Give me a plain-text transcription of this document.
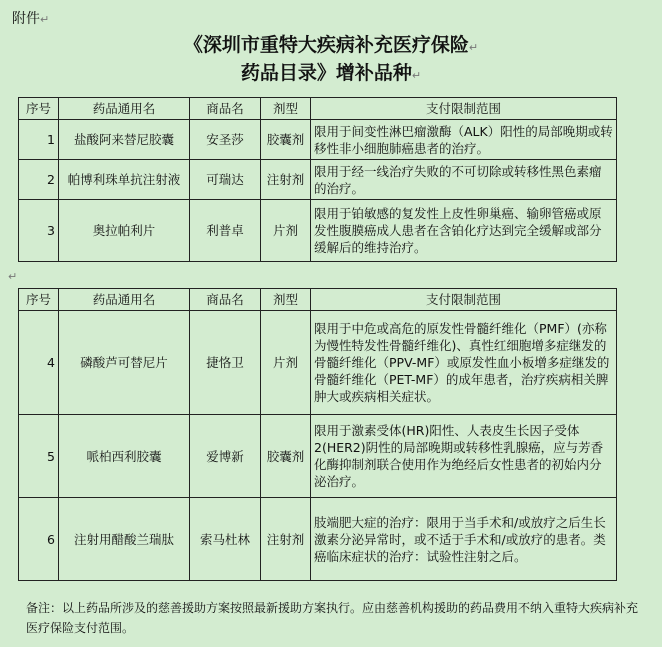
附件↵
《深圳市重特大疾病补充医疗保险↵
药品目录》增补品种↵
序号	药品通用名	商品名	剂型	支付限制范围
1	盐酸阿来替尼胶囊	安圣莎	胶囊剂	限用于间变性淋巴瘤激酶（ALK）阳性的局部晚期或转移性非小细胞肺癌患者的治疗。
2	帕博利珠单抗注射液	可瑞达	注射剂	限用于经一线治疗失败的不可切除或转移性黑色素瘤的治疗。
3	奥拉帕利片	利普卓	片剂	限用于铂敏感的复发性上皮性卵巢癌、输卵管癌或原发性腹膜癌成人患者在含铂化疗达到完全缓解或部分缓解后的维持治疗。
↵
序号	药品通用名	商品名	剂型	支付限制范围
4	磷酸芦可替尼片	捷恪卫	片剂	限用于中危或高危的原发性骨髓纤维化（PMF）(亦称为慢性特发性骨髓纤维化)、真性红细胞增多症继发的骨髓纤维化（PPV-MF）或原发性血小板增多症继发的骨髓纤维化（PET-MF）的成年患者，治疗疾病相关脾肿大或疾病相关症状。
5	哌柏西利胶囊	爱博新	胶囊剂	限用于激素受体(HR)阳性、人表皮生长因子受体2(HER2)阴性的局部晚期或转移性乳腺癌，应与芳香化酶抑制剂联合使用作为绝经后女性患者的初始内分泌治疗。
6	注射用醋酸兰瑞肽	索马杜林	注射剂	肢端肥大症的治疗：限用于当手术和/或放疗之后生长激素分泌异常时，或不适于手术和/或放疗的患者。类癌临床症状的治疗：试验性注射之后。
备注：以上药品所涉及的慈善援助方案按照最新援助方案执行。应由慈善机构援助的药品费用不纳入重特大疾病补充医疗保险支付范围。
